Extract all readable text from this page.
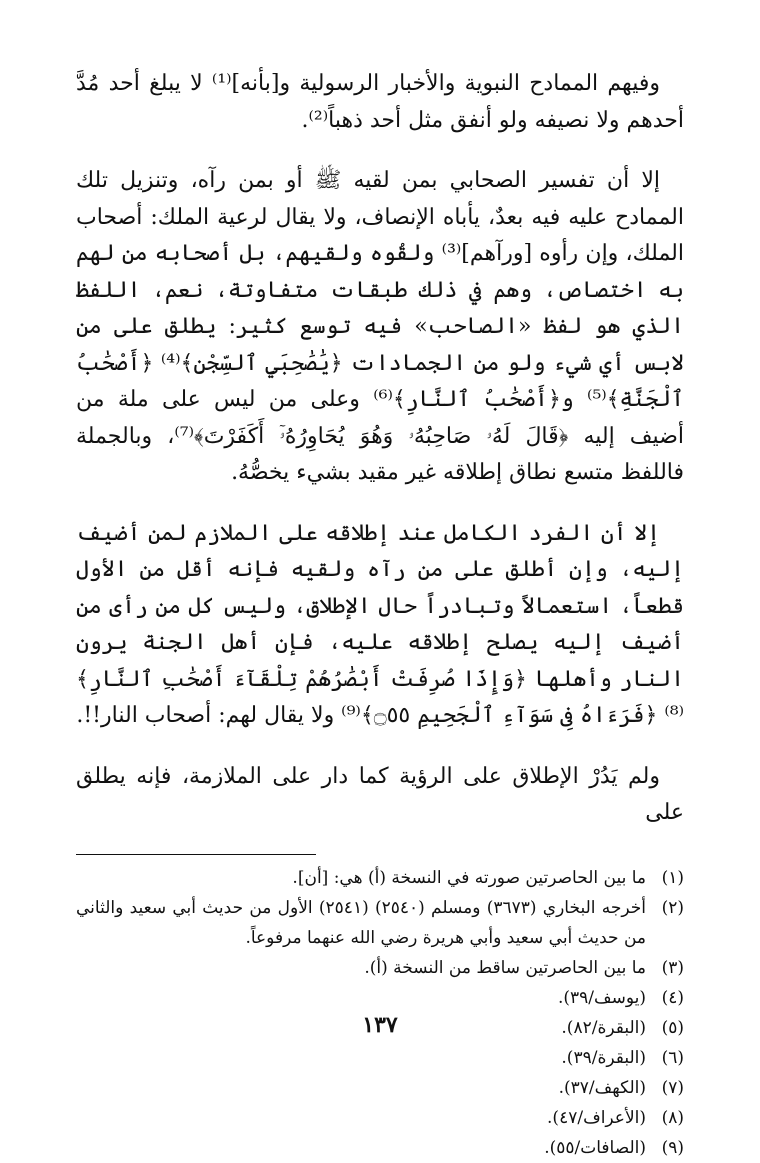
وفيهم الممادح النبوية والأخبار الرسولية و[بأنه]⁽¹⁾ لا يبلغ أحد مُدَّ أحدهم ولا نصيفه ولو أنفق مثل أحد ذهباً⁽²⁾.

إلا أن تفسير الصحابي بمن لقيه ﷺ أو بمن رآه، وتنزيل تلك الممادح عليه فيه بعدٌ، يأباه الإنصاف، ولا يقال لرعية الملك: أصحاب الملك، وإن رأوه [ورآهم]⁽³⁾ ولقُوه ولقيهم، بل أصحابه من لهم به اختصاص، وهم في ذلك طبقات متفاوتة، نعم، اللفظ الذي هو لفظ «الصاحب» فيه توسع كثير: يطلق على من لابس أي شيء ولو من الجمادات ﴿يَٰصَٰحِبَيِ ٱلسِّجْنِ﴾⁽⁴⁾ ﴿أَصْحَٰبُ ٱلْجَنَّةِ﴾⁽⁵⁾ و﴿أَصْحَٰبُ ٱلنَّارِ﴾⁽⁶⁾ وعلى من ليس على ملة من أضيف إليه ﴿قَالَ لَهُۥ صَاحِبُهُۥ وَهُوَ يُحَاوِرُهُۥٓ أَكَفَرْتَ﴾⁽⁷⁾، وبالجملة فاللفظ متسع نطاق إطلاقه غير مقيد بشيء يخصُّهُ.

إلا أن الفرد الكامل عند إطلاقه على الملازم لمن أضيف إليه، وإن أطلق على من رآه ولقيه فإنه أقل من الأول قطعاً، استعمالاً وتبادراً حال الإطلاق، وليس كل من رأى من أضيف إليه يصلح إطلاقه عليه، فإن أهل الجنة يرون النار وأهلها ﴿وَإِذَا صُرِفَتْ أَبْصَٰرُهُمْ تِلْقَآءَ أَصْحَٰبِ ٱلنَّارِ﴾⁽⁸⁾ ﴿فَرَءَاهُ فِى سَوَآءِ ٱلْجَحِيمِ ۝٥٥﴾⁽⁹⁾ ولا يقال لهم: أصحاب النار!!.

ولم يَدُرْ الإطلاق على الرؤية كما دار على الملازمة، فإنه يطلق على

(١)
ما بين الحاصرتين صورته في النسخة (أ) هي: [أن].
(٢)
أخرجه البخاري (٣٦٧٣) ومسلم (٢٥٤٠) (٢٥٤١) الأول من حديث أبي سعيد والثاني من حديث أبي سعيد وأبي هريرة رضي الله عنهما مرفوعاً.
(٣)
ما بين الحاصرتين ساقط من النسخة (أ).
(٤)
(يوسف/٣٩).
(٥)
(البقرة/٨٢).
(٦)
(البقرة/٣٩).
(٧)
(الكهف/٣٧).
(٨)
(الأعراف/٤٧).
(٩)
(الصافات/٥٥).
١٣٧
